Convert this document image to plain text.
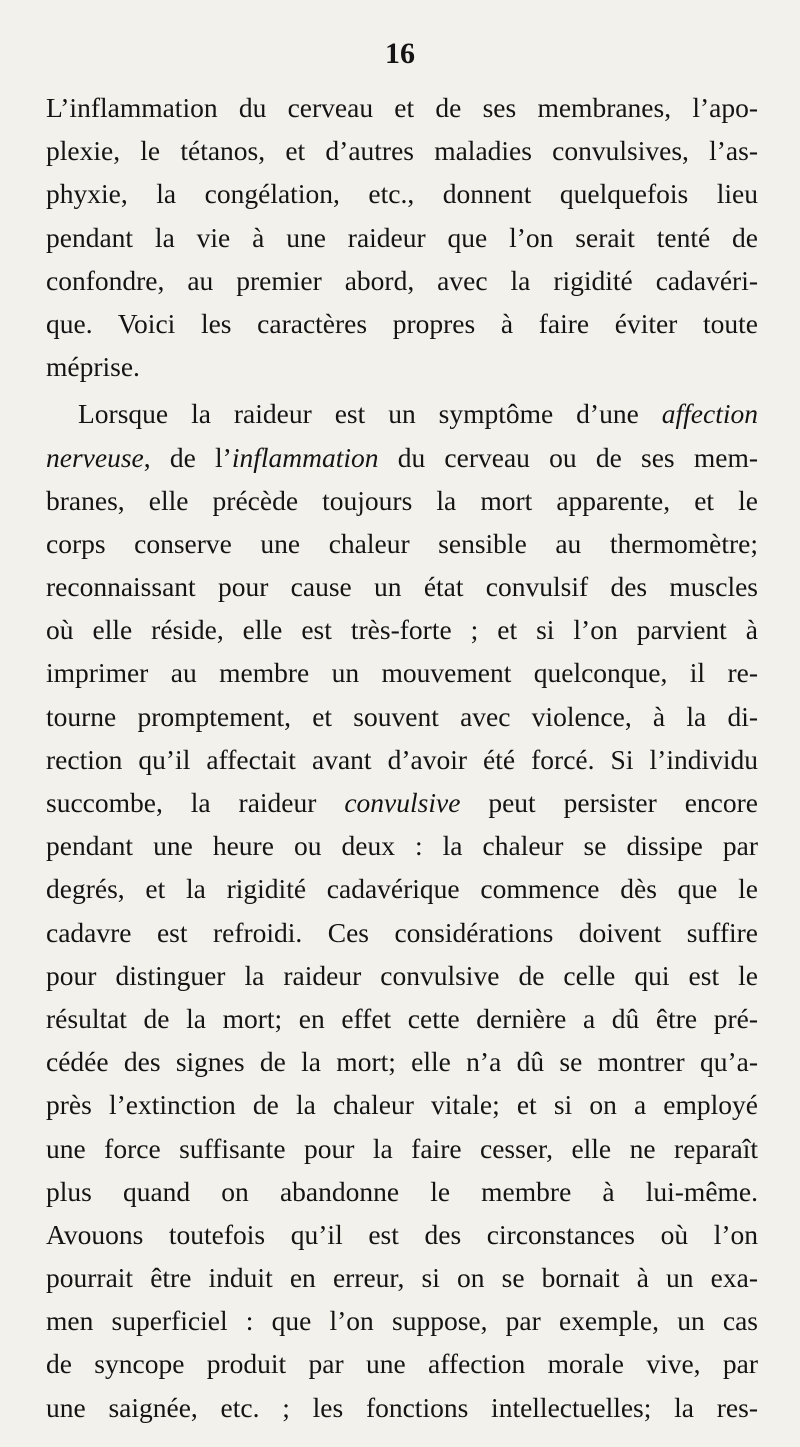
16
L’inflammation du cerveau et de ses membranes, l’apo-
plexie, le tétanos, et d’autres maladies convulsives, l’as-
phyxie, la congélation, etc., donnent quelquefois lieu
pendant la vie à une raideur que l’on serait tenté de
confondre, au premier abord, avec la rigidité cadavéri-
que. Voici les caractères propres à faire éviter toute
méprise.
Lorsque la raideur est un symptôme d’une affection
nerveuse, de l’inflammation du cerveau ou de ses mem-
branes, elle précède toujours la mort apparente, et le
corps conserve une chaleur sensible au thermomètre;
reconnaissant pour cause un état convulsif des muscles
où elle réside, elle est très-forte ; et si l’on parvient à
imprimer au membre un mouvement quelconque, il re-
tourne promptement, et souvent avec violence, à la di-
rection qu’il affectait avant d’avoir été forcé. Si l’individu
succombe, la raideur convulsive peut persister encore
pendant une heure ou deux : la chaleur se dissipe par
degrés, et la rigidité cadavérique commence dès que le
cadavre est refroidi. Ces considérations doivent suffire
pour distinguer la raideur convulsive de celle qui est le
résultat de la mort; en effet cette dernière a dû être pré-
cédée des signes de la mort; elle n’a dû se montrer qu’a-
près l’extinction de la chaleur vitale; et si on a employé
une force suffisante pour la faire cesser, elle ne reparaît
plus quand on abandonne le membre à lui-même.
Avouons toutefois qu’il est des circonstances où l’on
pourrait être induit en erreur, si on se bornait à un exa-
men superficiel : que l’on suppose, par exemple, un cas
de syncope produit par une affection morale vive, par
une saignée, etc. ; les fonctions intellectuelles; la res-
